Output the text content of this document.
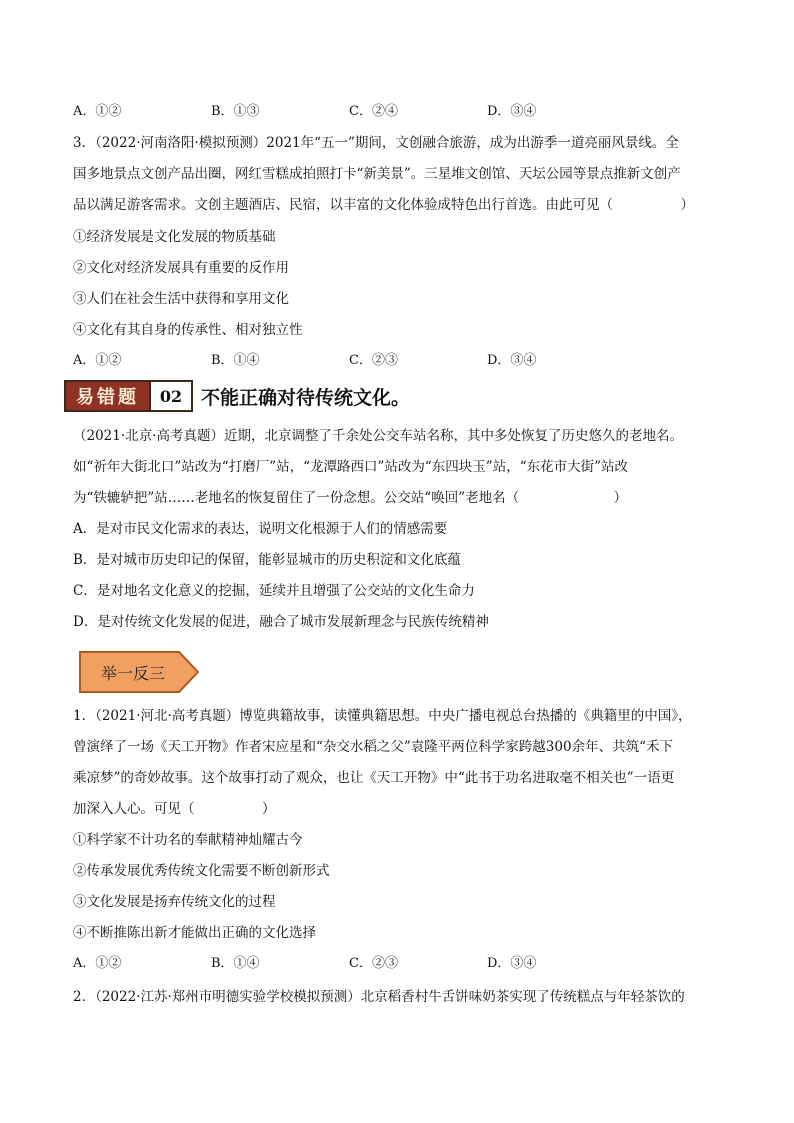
A．①②	B．①③	C．②④	D．③④
3．（2022·河南洛阳·模拟预测）2021年“五一”期间，文创融合旅游，成为出游季一道亮丽风景线。全
国多地景点文创产品出圈，网红雪糕成拍照打卡“新美景”。三星堆文创馆、天坛公园等景点推新文创产
品以满足游客需求。文创主题酒店、民宿，以丰富的文化体验成特色出行首选。由此可见（　　　　　）
①经济发展是文化发展的物质基础
②文化对经济发展具有重要的反作用
③人们在社会生活中获得和享用文化
④文化有其自身的传承性、相对独立性
A．①②	B．①④	C．②③	D．③④
易错题	02 不能正确对待传统文化。
（2021·北京·高考真题）近期，北京调整了千余处公交车站名称，其中多处恢复了历史悠久的老地名。
如“祈年大街北口”站改为“打磨厂”站，“龙潭路西口”站改为“东四块玉”站，“东花市大街”站改
为“铁辘轳把”站……老地名的恢复留住了一份念想。公交站“唤回”老地名（　　　　　　　）
A．是对市民文化需求的表达，说明文化根源于人们的情感需要
B．是对城市历史印记的保留，能彰显城市的历史积淀和文化底蕴
C．是对地名文化意义的挖掘，延续并且增强了公交站的文化生命力
D．是对传统文化发展的促进，融合了城市发展新理念与民族传统精神
举一反三
1．（2021·河北·高考真题）博览典籍故事，读懂典籍思想。中央广播电视总台热播的《典籍里的中国》，
曾演绎了一场《天工开物》作者宋应星和“杂交水稻之父”袁隆平两位科学家跨越300余年、共筑“禾下
乘凉梦”的奇妙故事。这个故事打动了观众，也让《天工开物》中“此书于功名进取毫不相关也”一语更
加深入人心。可见（　　　　　）
①科学家不计功名的奉献精神灿耀古今
②传承发展优秀传统文化需要不断创新形式
③文化发展是扬弃传统文化的过程
④不断推陈出新才能做出正确的文化选择
A．①②	B．①④	C．②③	D．③④
2．（2022·江苏·郑州市明德实验学校模拟预测）北京稻香村牛舌饼味奶茶实现了传统糕点与年轻茶饮的
